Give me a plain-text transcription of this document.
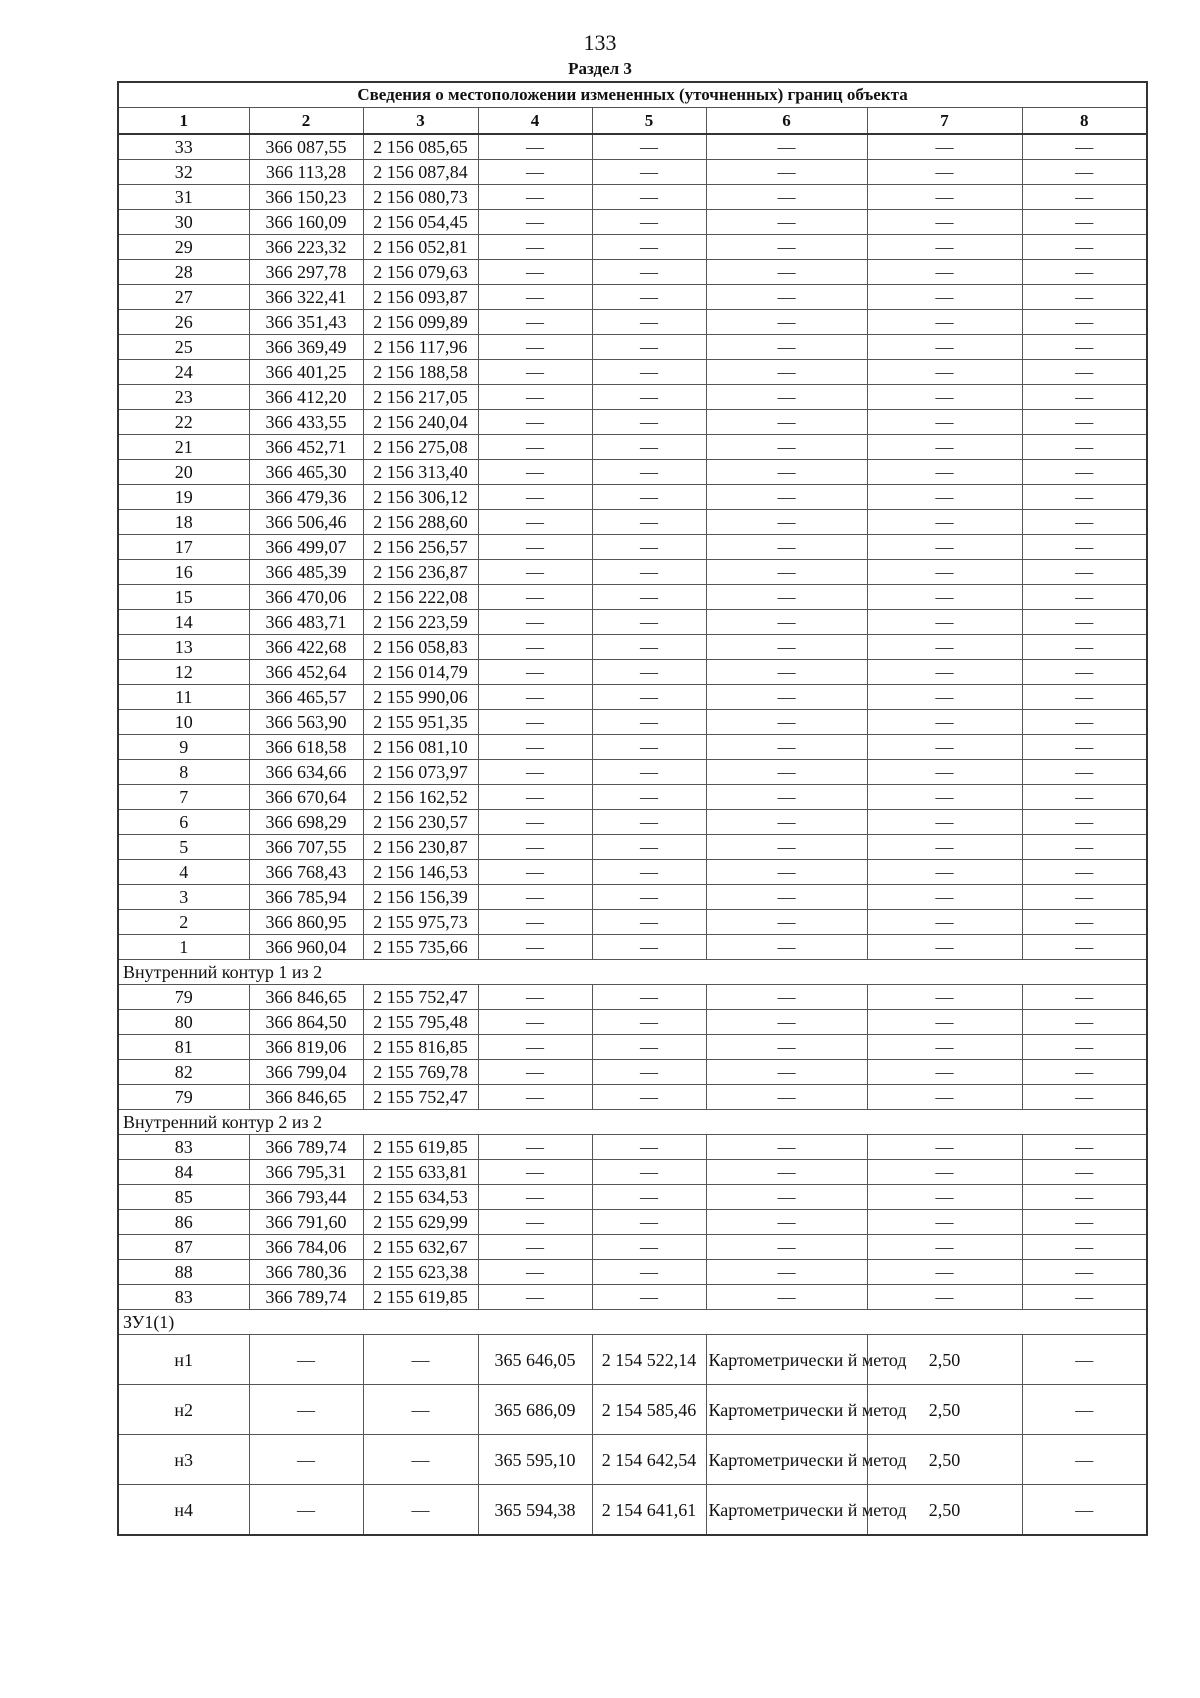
133
Раздел 3
Сведения о местоположении измененных (уточненных) границ объекта							
1	2	3	4	5	6	7	8
33	366 087,55	2 156 085,65	—	—	—	—	—
32	366 113,28	2 156 087,84	—	—	—	—	—
31	366 150,23	2 156 080,73	—	—	—	—	—
30	366 160,09	2 156 054,45	—	—	—	—	—
29	366 223,32	2 156 052,81	—	—	—	—	—
28	366 297,78	2 156 079,63	—	—	—	—	—
27	366 322,41	2 156 093,87	—	—	—	—	—
26	366 351,43	2 156 099,89	—	—	—	—	—
25	366 369,49	2 156 117,96	—	—	—	—	—
24	366 401,25	2 156 188,58	—	—	—	—	—
23	366 412,20	2 156 217,05	—	—	—	—	—
22	366 433,55	2 156 240,04	—	—	—	—	—
21	366 452,71	2 156 275,08	—	—	—	—	—
20	366 465,30	2 156 313,40	—	—	—	—	—
19	366 479,36	2 156 306,12	—	—	—	—	—
18	366 506,46	2 156 288,60	—	—	—	—	—
17	366 499,07	2 156 256,57	—	—	—	—	—
16	366 485,39	2 156 236,87	—	—	—	—	—
15	366 470,06	2 156 222,08	—	—	—	—	—
14	366 483,71	2 156 223,59	—	—	—	—	—
13	366 422,68	2 156 058,83	—	—	—	—	—
12	366 452,64	2 156 014,79	—	—	—	—	—
11	366 465,57	2 155 990,06	—	—	—	—	—
10	366 563,90	2 155 951,35	—	—	—	—	—
9	366 618,58	2 156 081,10	—	—	—	—	—
8	366 634,66	2 156 073,97	—	—	—	—	—
7	366 670,64	2 156 162,52	—	—	—	—	—
6	366 698,29	2 156 230,57	—	—	—	—	—
5	366 707,55	2 156 230,87	—	—	—	—	—
4	366 768,43	2 156 146,53	—	—	—	—	—
3	366 785,94	2 156 156,39	—	—	—	—	—
2	366 860,95	2 155 975,73	—	—	—	—	—
1	366 960,04	2 155 735,66	—	—	—	—	—
Внутренний контур 1 из 2							
79	366 846,65	2 155 752,47	—	—	—	—	—
80	366 864,50	2 155 795,48	—	—	—	—	—
81	366 819,06	2 155 816,85	—	—	—	—	—
82	366 799,04	2 155 769,78	—	—	—	—	—
79	366 846,65	2 155 752,47	—	—	—	—	—
Внутренний контур 2 из 2							
83	366 789,74	2 155 619,85	—	—	—	—	—
84	366 795,31	2 155 633,81	—	—	—	—	—
85	366 793,44	2 155 634,53	—	—	—	—	—
86	366 791,60	2 155 629,99	—	—	—	—	—
87	366 784,06	2 155 632,67	—	—	—	—	—
88	366 780,36	2 155 623,38	—	—	—	—	—
83	366 789,74	2 155 619,85	—	—	—	—	—
ЗУ1(1)							
н1	—	—	365 646,05	2 154 522,14	Картометрически й метод	2,50	—
н2	—	—	365 686,09	2 154 585,46	Картометрически й метод	2,50	—
н3	—	—	365 595,10	2 154 642,54	Картометрически й метод	2,50	—
н4	—	—	365 594,38	2 154 641,61	Картометрически й метод	2,50	—
